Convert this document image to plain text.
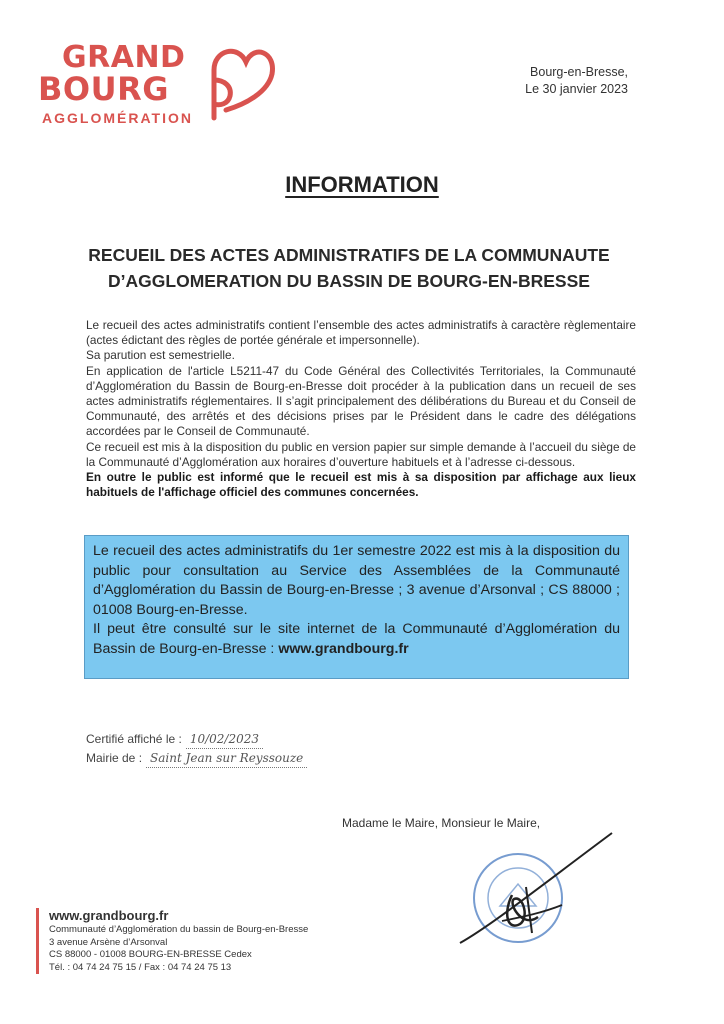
GRAND
BOURG
AGGLOMÉRATION
Bourg-en-Bresse,
Le 30 janvier 2023
INFORMATION
RECUEIL DES ACTES ADMINISTRATIFS DE LA COMMUNAUTE
D’AGGLOMERATION DU BASSIN DE BOURG-EN-BRESSE

Le recueil des actes administratifs contient l’ensemble des actes administratifs à caractère règlementaire (actes édictant des règles de portée générale et impersonnelle).

Sa parution est semestrielle.

En application de l'article L5211-47 du Code Général des Collectivités Territoriales, la Communauté d’Agglomération du Bassin de Bourg-en-Bresse doit procéder à la publication dans un recueil de ses actes administratifs réglementaires. Il s’agit principalement des délibérations du Bureau et du Conseil de Communauté, des arrêtés et des décisions prises par le Président dans le cadre des délégations accordées par le Conseil de Communauté.

Ce recueil est mis à la disposition du public en version papier sur simple demande à l’accueil du siège de la Communauté d’Agglomération aux horaires d’ouverture habituels et à l’adresse ci-dessous.

En outre le public est informé que le recueil est mis à sa disposition par affichage aux lieux habituels de l'affichage officiel des communes concernées.

Le recueil des actes administratifs du 1er semestre 2022 est mis à la disposition du public pour consultation au Service des Assemblées de la Communauté d’Agglomération du Bassin de Bourg-en-Bresse ; 3 avenue d’Arsonval ; CS 88000 ; 01008 Bourg-en-Bresse.

Il peut être consulté sur le site internet de la Communauté d’Agglomération du Bassin de Bourg-en-Bresse : www.grandbourg.fr

Certifié affiché le : 10/02/2023
Mairie de : Saint Jean sur Reyssouze
Madame le Maire, Monsieur le Maire,
www.grandbourg.fr
Communauté d’Agglomération du bassin de Bourg-en-Bresse
3 avenue Arsène d’Arsonval
CS 88000 - 01008 BOURG-EN-BRESSE Cedex
Tél. : 04 74 24 75 15 / Fax : 04 74 24 75 13
